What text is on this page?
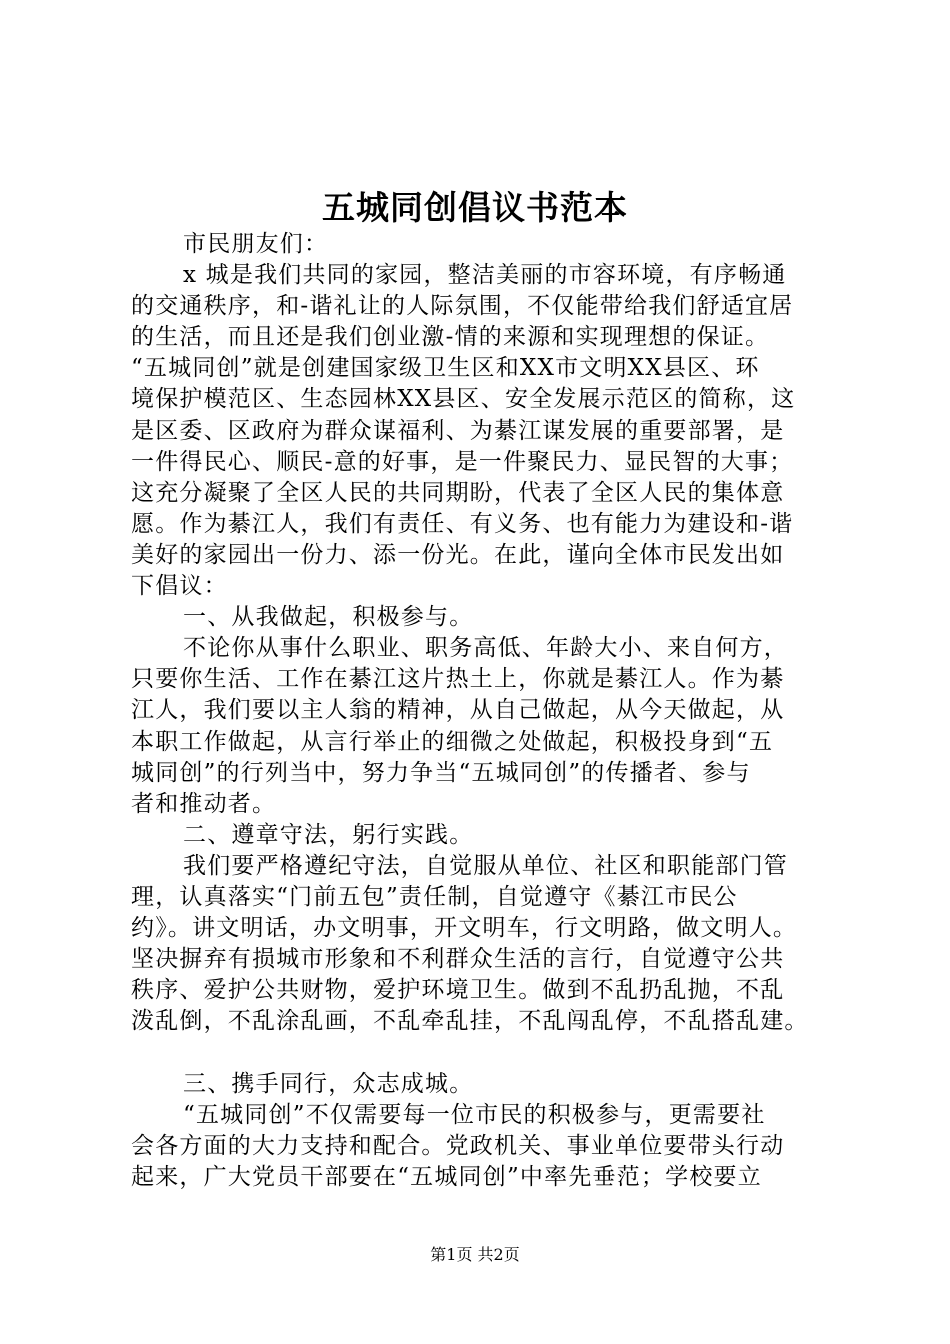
五城同创倡议书范本
市民朋友们：
x 城是我们共同的家园，整洁美丽的市容环境，有序畅通
的交通秩序，和-谐礼让的人际氛围，不仅能带给我们舒适宜居
的生活，而且还是我们创业激-情的来源和实现理想的保证。
“五城同创”就是创建国家级卫生区和XX市文明XX县区、环
境保护模范区、生态园林XX县区、安全发展示范区的简称，这
是区委、区政府为群众谋福利、为綦江谋发展的重要部署，是
一件得民心、顺民-意的好事，是一件聚民力、显民智的大事；
这充分凝聚了全区人民的共同期盼，代表了全区人民的集体意
愿。作为綦江人，我们有责任、有义务、也有能力为建设和-谐
美好的家园出一份力、添一份光。在此，谨向全体市民发出如
下倡议：
一、从我做起，积极参与。
不论你从事什么职业、职务高低、年龄大小、来自何方，
只要你生活、工作在綦江这片热土上，你就是綦江人。作为綦
江人，我们要以主人翁的精神，从自己做起，从今天做起，从
本职工作做起，从言行举止的细微之处做起，积极投身到“五
城同创”的行列当中，努力争当“五城同创”的传播者、参与
者和推动者。
二、遵章守法，躬行实践。
我们要严格遵纪守法，自觉服从单位、社区和职能部门管
理，认真落实“门前五包”责任制，自觉遵守《綦江市民公
约》。讲文明话，办文明事，开文明车，行文明路，做文明人。
坚决摒弃有损城市形象和不利群众生活的言行，自觉遵守公共
秩序、爱护公共财物，爱护环境卫生。做到不乱扔乱抛，不乱
泼乱倒，不乱涂乱画，不乱牵乱挂，不乱闯乱停，不乱搭乱建。
三、携手同行，众志成城。
“五城同创”不仅需要每一位市民的积极参与，更需要社
会各方面的大力支持和配合。党政机关、事业单位要带头行动
起来，广大党员干部要在“五城同创”中率先垂范；学校要立
第1页 共2页
